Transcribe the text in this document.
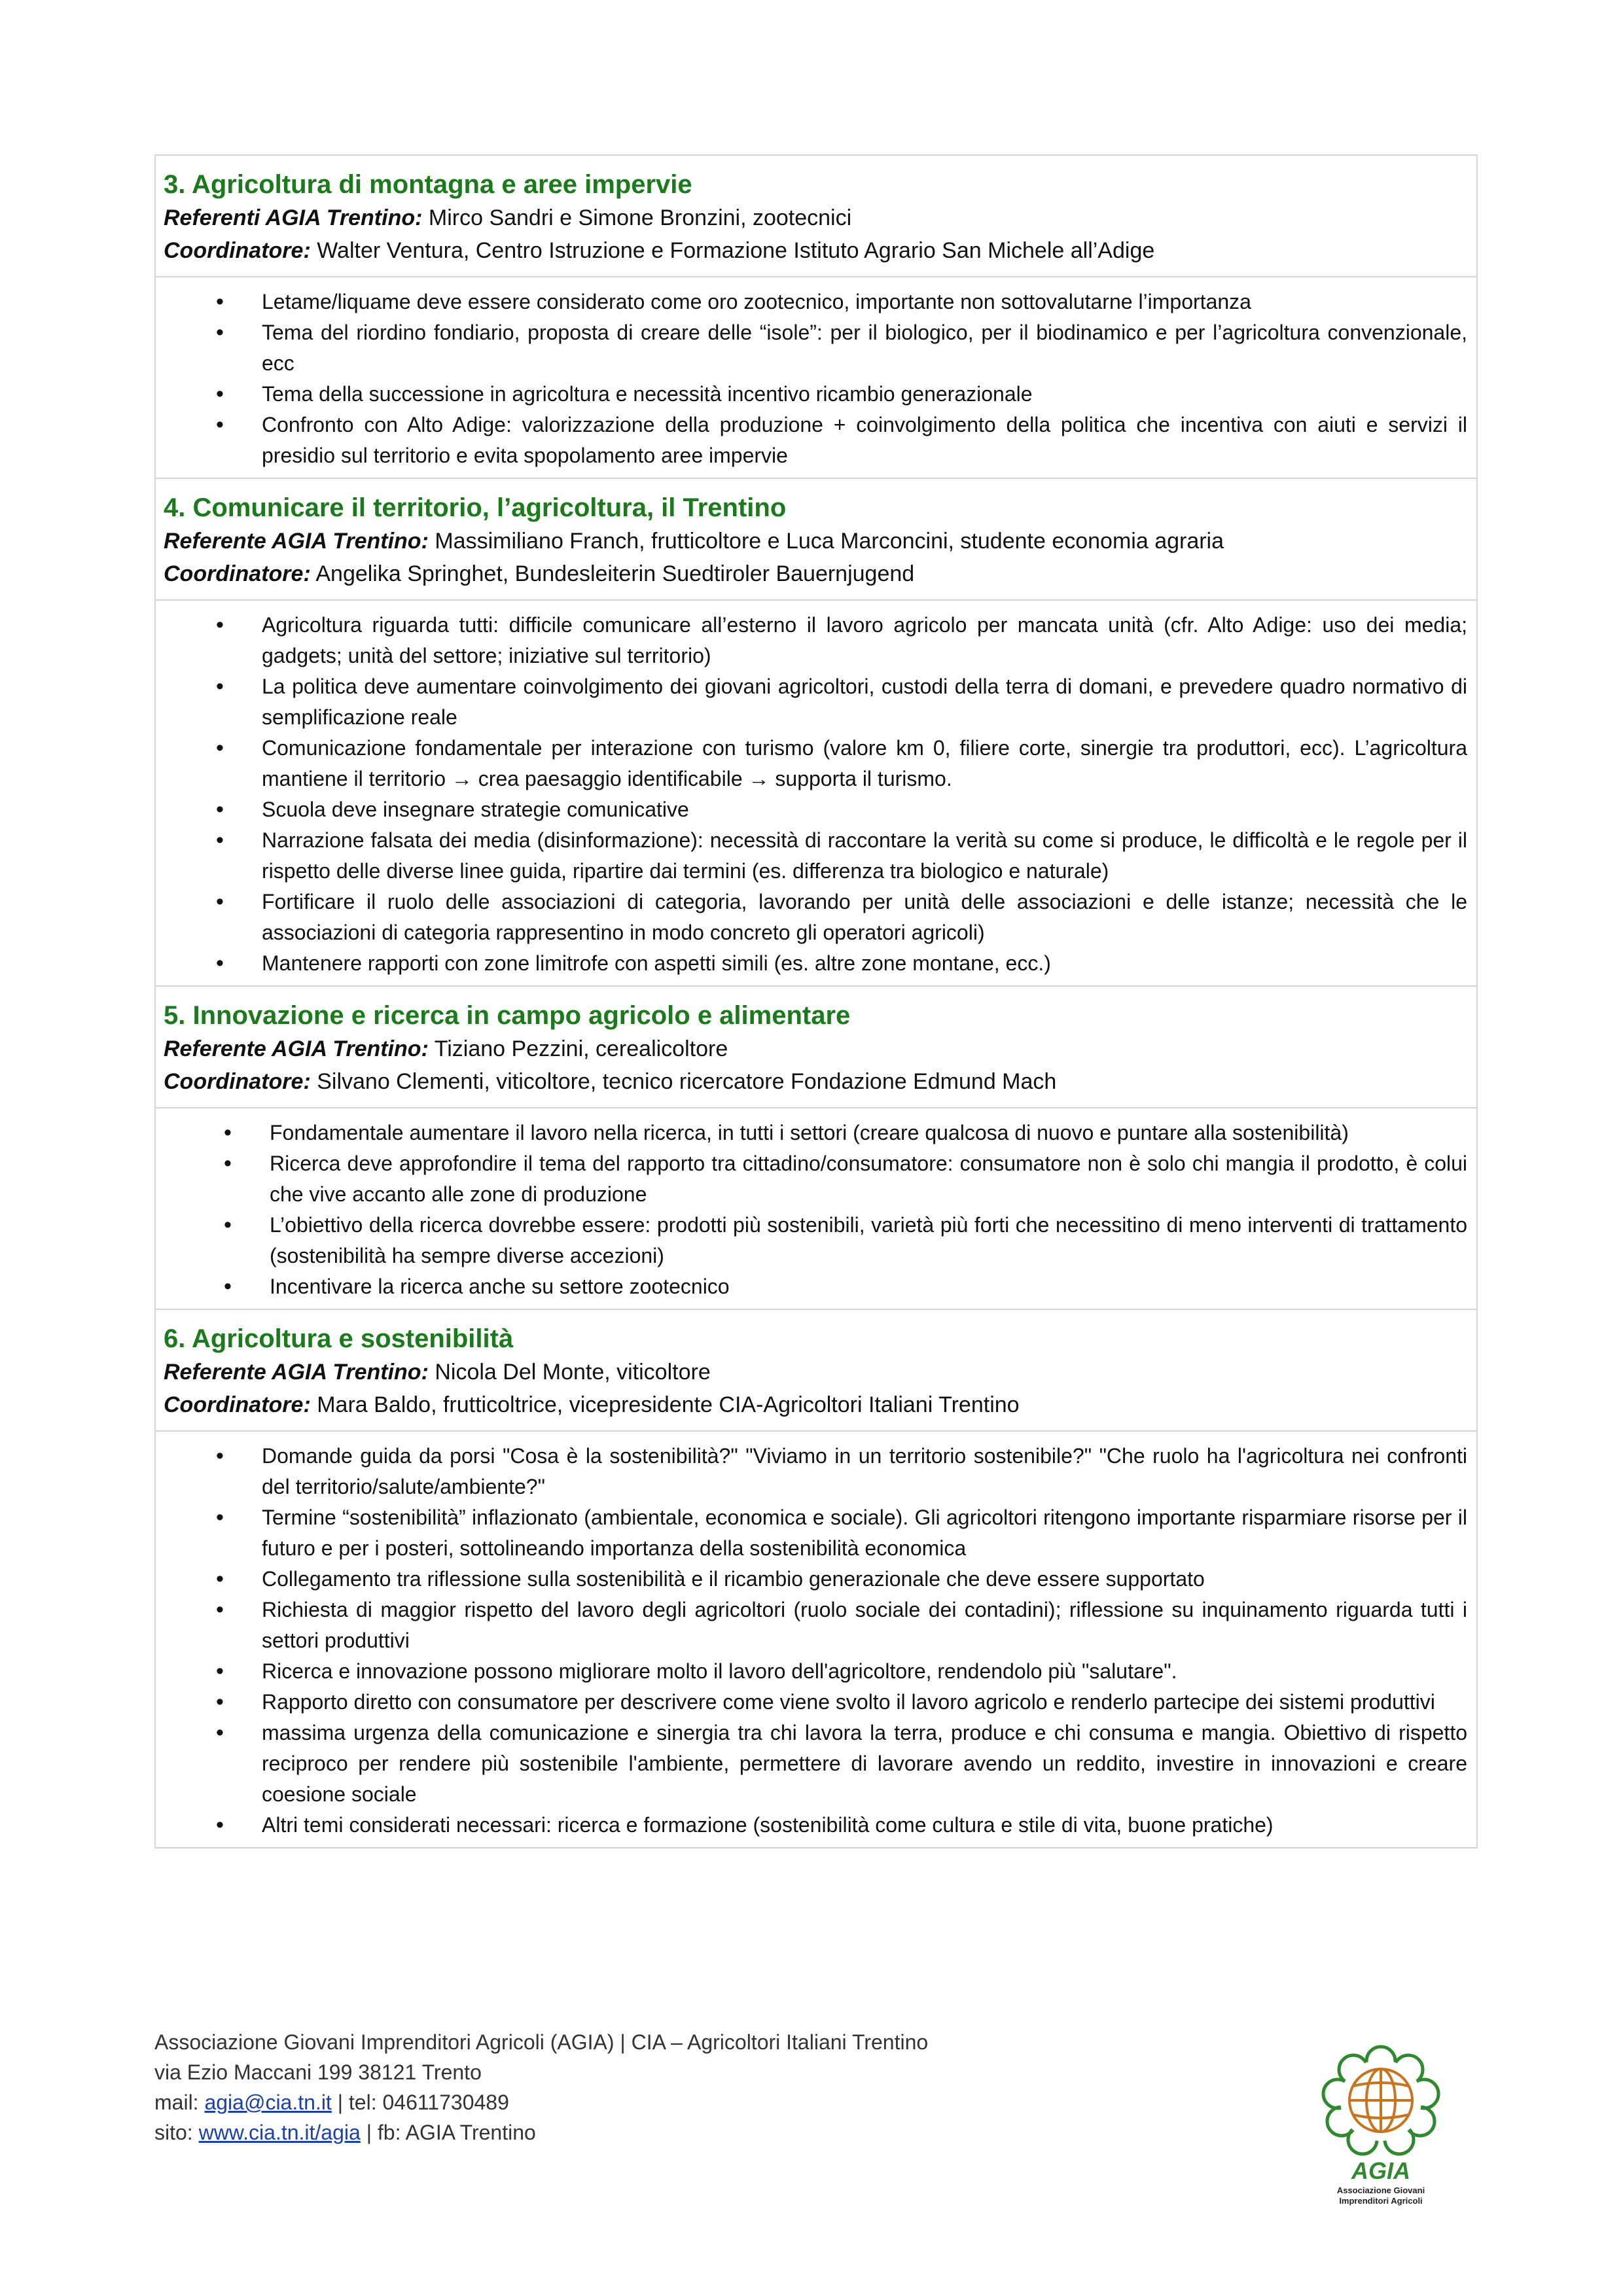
3. Agricoltura di montagna e aree impervie

Referenti AGIA Trentino: Mirco Sandri e Simone Bronzini, zootecnici

Coordinatore: Walter Ventura, Centro Istruzione e Formazione Istituto Agrario San Michele all’Adige

• Letame/liquame deve essere considerato come oro zootecnico, importante non sottovalutarne l’importanza
• Tema del riordino fondiario, proposta di creare delle “isole”: per il biologico, per il biodinamico e per l’agricoltura convenzionale, ecc
• Tema della successione in agricoltura e necessità incentivo ricambio generazionale
• Confronto con Alto Adige: valorizzazione della produzione + coinvolgimento della politica che incentiva con aiuti e servizi il presidio sul territorio e evita spopolamento aree impervie

4. Comunicare il territorio, l’agricoltura, il Trentino

Referente AGIA Trentino: Massimiliano Franch, frutticoltore e Luca Marconcini, studente economia agraria

Coordinatore: Angelika Springhet, Bundesleiterin Suedtiroler Bauernjugend

• Agricoltura riguarda tutti: difficile comunicare all’esterno il lavoro agricolo per mancata unità (cfr. Alto Adige: uso dei media; gadgets; unità del settore; iniziative sul territorio)
• La politica deve aumentare coinvolgimento dei giovani agricoltori, custodi della terra di domani, e prevedere quadro normativo di semplificazione reale
• Comunicazione fondamentale per interazione con turismo (valore km 0, filiere corte, sinergie tra produttori, ecc). L’agricoltura mantiene il territorio → crea paesaggio identificabile → supporta il turismo.
• Scuola deve insegnare strategie comunicative
• Narrazione falsata dei media (disinformazione): necessità di raccontare la verità su come si produce, le difficoltà e le regole per il rispetto delle diverse linee guida, ripartire dai termini (es. differenza tra biologico e naturale)
• Fortificare il ruolo delle associazioni di categoria, lavorando per unità delle associazioni e delle istanze; necessità che le associazioni di categoria rappresentino in modo concreto gli operatori agricoli)
• Mantenere rapporti con zone limitrofe con aspetti simili (es. altre zone montane, ecc.)

5. Innovazione e ricerca in campo agricolo e alimentare

Referente AGIA Trentino: Tiziano Pezzini, cerealicoltore

Coordinatore: Silvano Clementi, viticoltore, tecnico ricercatore Fondazione Edmund Mach

• Fondamentale aumentare il lavoro nella ricerca, in tutti i settori (creare qualcosa di nuovo e puntare alla sostenibilità)
• Ricerca deve approfondire il tema del rapporto tra cittadino/consumatore: consumatore non è solo chi mangia il prodotto, è colui che vive accanto alle zone di produzione
• L’obiettivo della ricerca dovrebbe essere: prodotti più sostenibili, varietà più forti che necessitino di meno interventi di trattamento (sostenibilità ha sempre diverse accezioni)
• Incentivare la ricerca anche su settore zootecnico

6. Agricoltura e sostenibilità

Referente AGIA Trentino: Nicola Del Monte, viticoltore

Coordinatore: Mara Baldo, frutticoltrice, vicepresidente CIA-Agricoltori Italiani Trentino

• Domande guida da porsi "Cosa è la sostenibilità?" "Viviamo in un territorio sostenibile?" "Che ruolo ha l'agricoltura nei confronti del territorio/salute/ambiente?"
• Termine “sostenibilità” inflazionato (ambientale, economica e sociale). Gli agricoltori ritengono importante risparmiare risorse per il futuro e per i posteri, sottolineando importanza della sostenibilità economica
• Collegamento tra riflessione sulla sostenibilità e il ricambio generazionale che deve essere supportato
• Richiesta di maggior rispetto del lavoro degli agricoltori (ruolo sociale dei contadini); riflessione su inquinamento riguarda tutti i settori produttivi
• Ricerca e innovazione possono migliorare molto il lavoro dell'agricoltore, rendendolo più "salutare".
• Rapporto diretto con consumatore per descrivere come viene svolto il lavoro agricolo e renderlo partecipe dei sistemi produttivi
• massima urgenza della comunicazione e sinergia tra chi lavora la terra, produce e chi consuma e mangia. Obiettivo di rispetto reciproco per rendere più sostenibile l'ambiente, permettere di lavorare avendo un reddito, investire in innovazioni e creare coesione sociale
• Altri temi considerati necessari: ricerca e formazione (sostenibilità come cultura e stile di vita, buone pratiche)

Associazione Giovani Imprenditori Agricoli (AGIA) | CIA – Agricoltori Italiani Trentino

via Ezio Maccani 199 38121 Trento

mail: agia@cia.tn.it | tel: 04611730489

sito: www.cia.tn.it/agia | fb: AGIA Trentino

AGIA
Associazione Giovani
Imprenditori Agricoli
